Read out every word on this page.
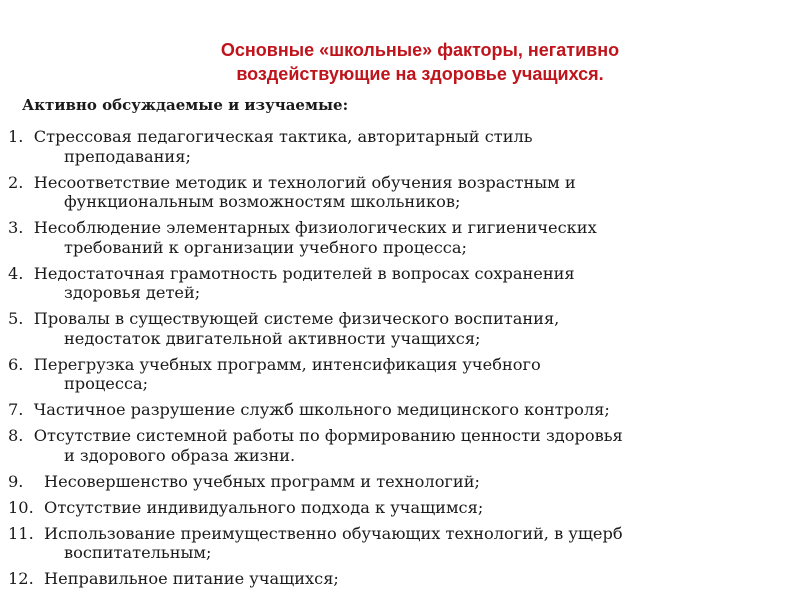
Основные «школьные» факторы, негативно
воздействующие на здоровье учащихся.

Активно обсуждаемые и изучаемые:

1. Стрессовая педагогическая тактика, авторитарный стиль
преподавания;
2. Несоответствие методик и технологий обучения возрастным и
функциональным возможностям школьников;
3. Несоблюдение элементарных физиологических и гигиенических
требований к организации учебного процесса;
4. Недостаточная грамотность родителей в вопросах сохранения
здоровья детей;
5. Провалы в существующей системе физического воспитания,
недостаток двигательной активности учащихся;
6. Перегрузка учебных программ, интенсификация учебного
процесса;
7. Частичное разрушение служб школьного медицинского контроля;
8. Отсутствие системной работы по формированию ценности здоровья
и здорового образа жизни.
9. Несовершенство учебных программ и технологий;
10. Отсутствие индивидуального подхода к учащимся;
11. Использование преимущественно обучающих технологий, в ущерб
воспитательным;
12. Неправильное питание учащихся;
